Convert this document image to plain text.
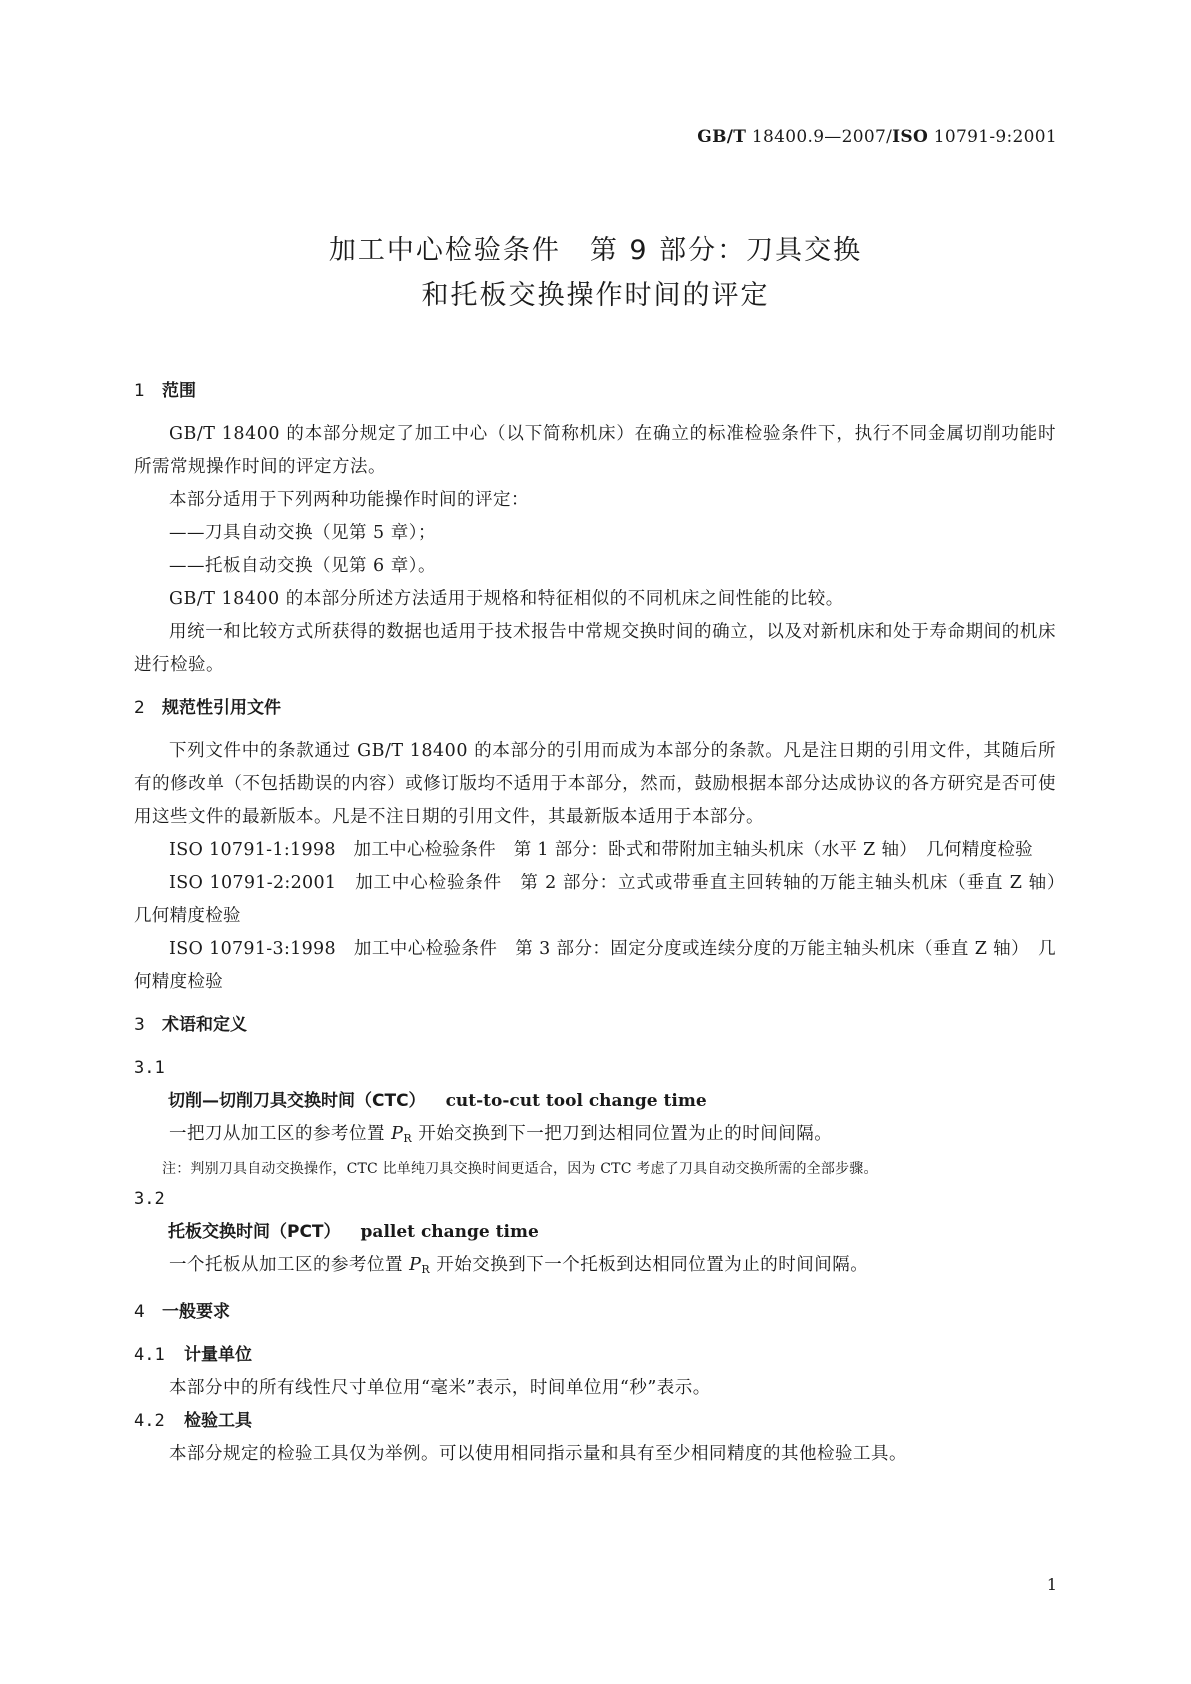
GB/T 18400.9—2007/ISO 10791-9:2001
加工中心检验条件　第 9 部分：刀具交换
和托板交换操作时间的评定
1 范围

GB/T 18400 的本部分规定了加工中心（以下简称机床）在确立的标准检验条件下，执行不同金属切削功能时所需常规操作时间的评定方法。

本部分适用于下列两种功能操作时间的评定：

——刀具自动交换（见第 5 章）；

——托板自动交换（见第 6 章）。

GB/T 18400 的本部分所述方法适用于规格和特征相似的不同机床之间性能的比较。

用统一和比较方式所获得的数据也适用于技术报告中常规交换时间的确立，以及对新机床和处于寿命期间的机床进行检验。

2 规范性引用文件

下列文件中的条款通过 GB/T 18400 的本部分的引用而成为本部分的条款。凡是注日期的引用文件，其随后所有的修改单（不包括勘误的内容）或修订版均不适用于本部分，然而，鼓励根据本部分达成协议的各方研究是否可使用这些文件的最新版本。凡是不注日期的引用文件，其最新版本适用于本部分。

ISO 10791-1:1998　加工中心检验条件　第 1 部分：卧式和带附加主轴头机床（水平 Z 轴）　几何精度检验

ISO 10791-2:2001　加工中心检验条件　第 2 部分：立式或带垂直主回转轴的万能主轴头机床（垂直 Z 轴）　几何精度检验

ISO 10791-3:1998　加工中心检验条件　第 3 部分：固定分度或连续分度的万能主轴头机床（垂直 Z 轴）　几何精度检验

3 术语和定义
3.1
切削—切削刀具交换时间（CTC） cut-to-cut tool change time

一把刀从加工区的参考位置 $P_R$ 开始交换到下一把刀到达相同位置为止的时间间隔。

注：判别刀具自动交换操作，CTC 比单纯刀具交换时间更适合，因为 CTC 考虑了刀具自动交换所需的全部步骤。
3.2
托板交换时间（PCT） pallet change time

一个托板从加工区的参考位置 $P_R$ 开始交换到下一个托板到达相同位置为止的时间间隔。

4 一般要求
4.1 计量单位

本部分中的所有线性尺寸单位用“毫米”表示，时间单位用“秒”表示。

4.2 检验工具

本部分规定的检验工具仅为举例。可以使用相同指示量和具有至少相同精度的其他检验工具。

1
